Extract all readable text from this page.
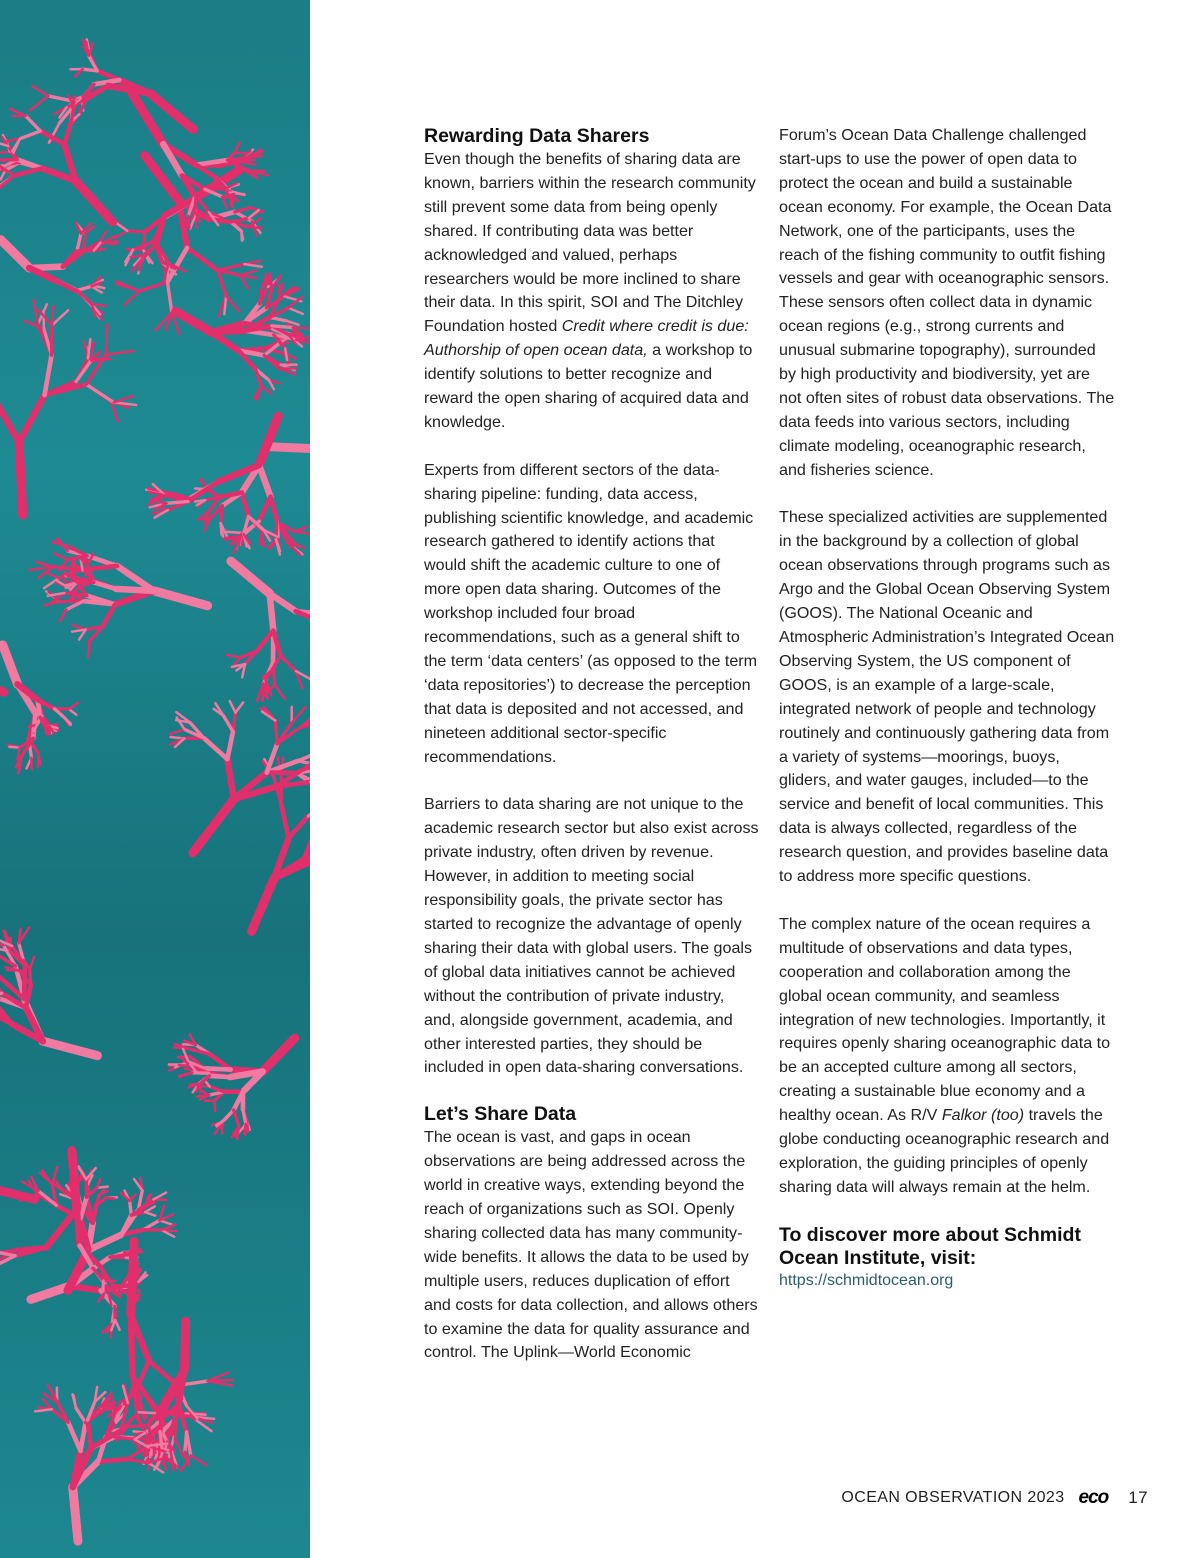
Rewarding Data Sharers

Even though the benefits of sharing data are known, barriers within the research community still prevent some data from being openly shared. If contributing data was better acknowledged and valued, perhaps researchers would be more inclined to share their data. In this spirit, SOI and The Ditchley Foundation hosted Credit where credit is due: Authorship of open ocean data, a workshop to identify solutions to better recognize and reward the open sharing of acquired data and knowledge.

Experts from different sectors of the data-sharing pipeline: funding, data access, publishing scientific knowledge, and academic research gathered to identify actions that would shift the academic culture to one of more open data sharing. Outcomes of the workshop included four broad recommendations, such as a general shift to the term ‘data centers’ (as opposed to the term ‘data repositories’) to decrease the perception that data is deposited and not accessed, and nineteen additional sector-specific recommendations.

Barriers to data sharing are not unique to the academic research sector but also exist across private industry, often driven by revenue. However, in addition to meeting social responsibility goals, the private sector has started to recognize the advantage of openly sharing their data with global users. The goals of global data initiatives cannot be achieved without the contribution of private industry, and, alongside government, academia, and other interested parties, they should be included in open data-sharing conversations.

Let’s Share Data

The ocean is vast, and gaps in ocean observations are being addressed across the world in creative ways, extending beyond the reach of organizations such as SOI. Openly sharing collected data has many community-wide benefits. It allows the data to be used by multiple users, reduces duplication of effort and costs for data collection, and allows others to examine the data for quality assurance and control. The Uplink—World Economic

Forum’s Ocean Data Challenge challenged start-ups to use the power of open data to protect the ocean and build a sustainable ocean economy. For example, the Ocean Data Network, one of the participants, uses the reach of the fishing community to outfit fishing vessels and gear with oceanographic sensors. These sensors often collect data in dynamic ocean regions (e.g., strong currents and unusual submarine topography), surrounded by high productivity and biodiversity, yet are not often sites of robust data observations. The data feeds into various sectors, including climate modeling, oceanographic research, and fisheries science.

These specialized activities are supplemented in the background by a collection of global ocean observations through programs such as Argo and the Global Ocean Observing System (GOOS). The National Oceanic and Atmospheric Administration’s Integrated Ocean Observing System, the US component of GOOS, is an example of a large-scale, integrated network of people and technology routinely and continuously gathering data from a variety of systems—moorings, buoys, gliders, and water gauges, included—to the service and benefit of local communities. This data is always collected, regardless of the research question, and provides baseline data to address more specific questions.

The complex nature of the ocean requires a multitude of observations and data types, cooperation and collaboration among the global ocean community, and seamless integration of new technologies. Importantly, it requires openly sharing oceanographic data to be an accepted culture among all sectors, creating a sustainable blue economy and a healthy ocean. As R/V Falkor (too) travels the globe conducting oceanographic research and exploration, the guiding principles of openly sharing data will always remain at the helm.

To discover more about Schmidt Ocean Institute, visit:
https://schmidtocean.org
OCEAN OBSERVATION 2023 eco 17
